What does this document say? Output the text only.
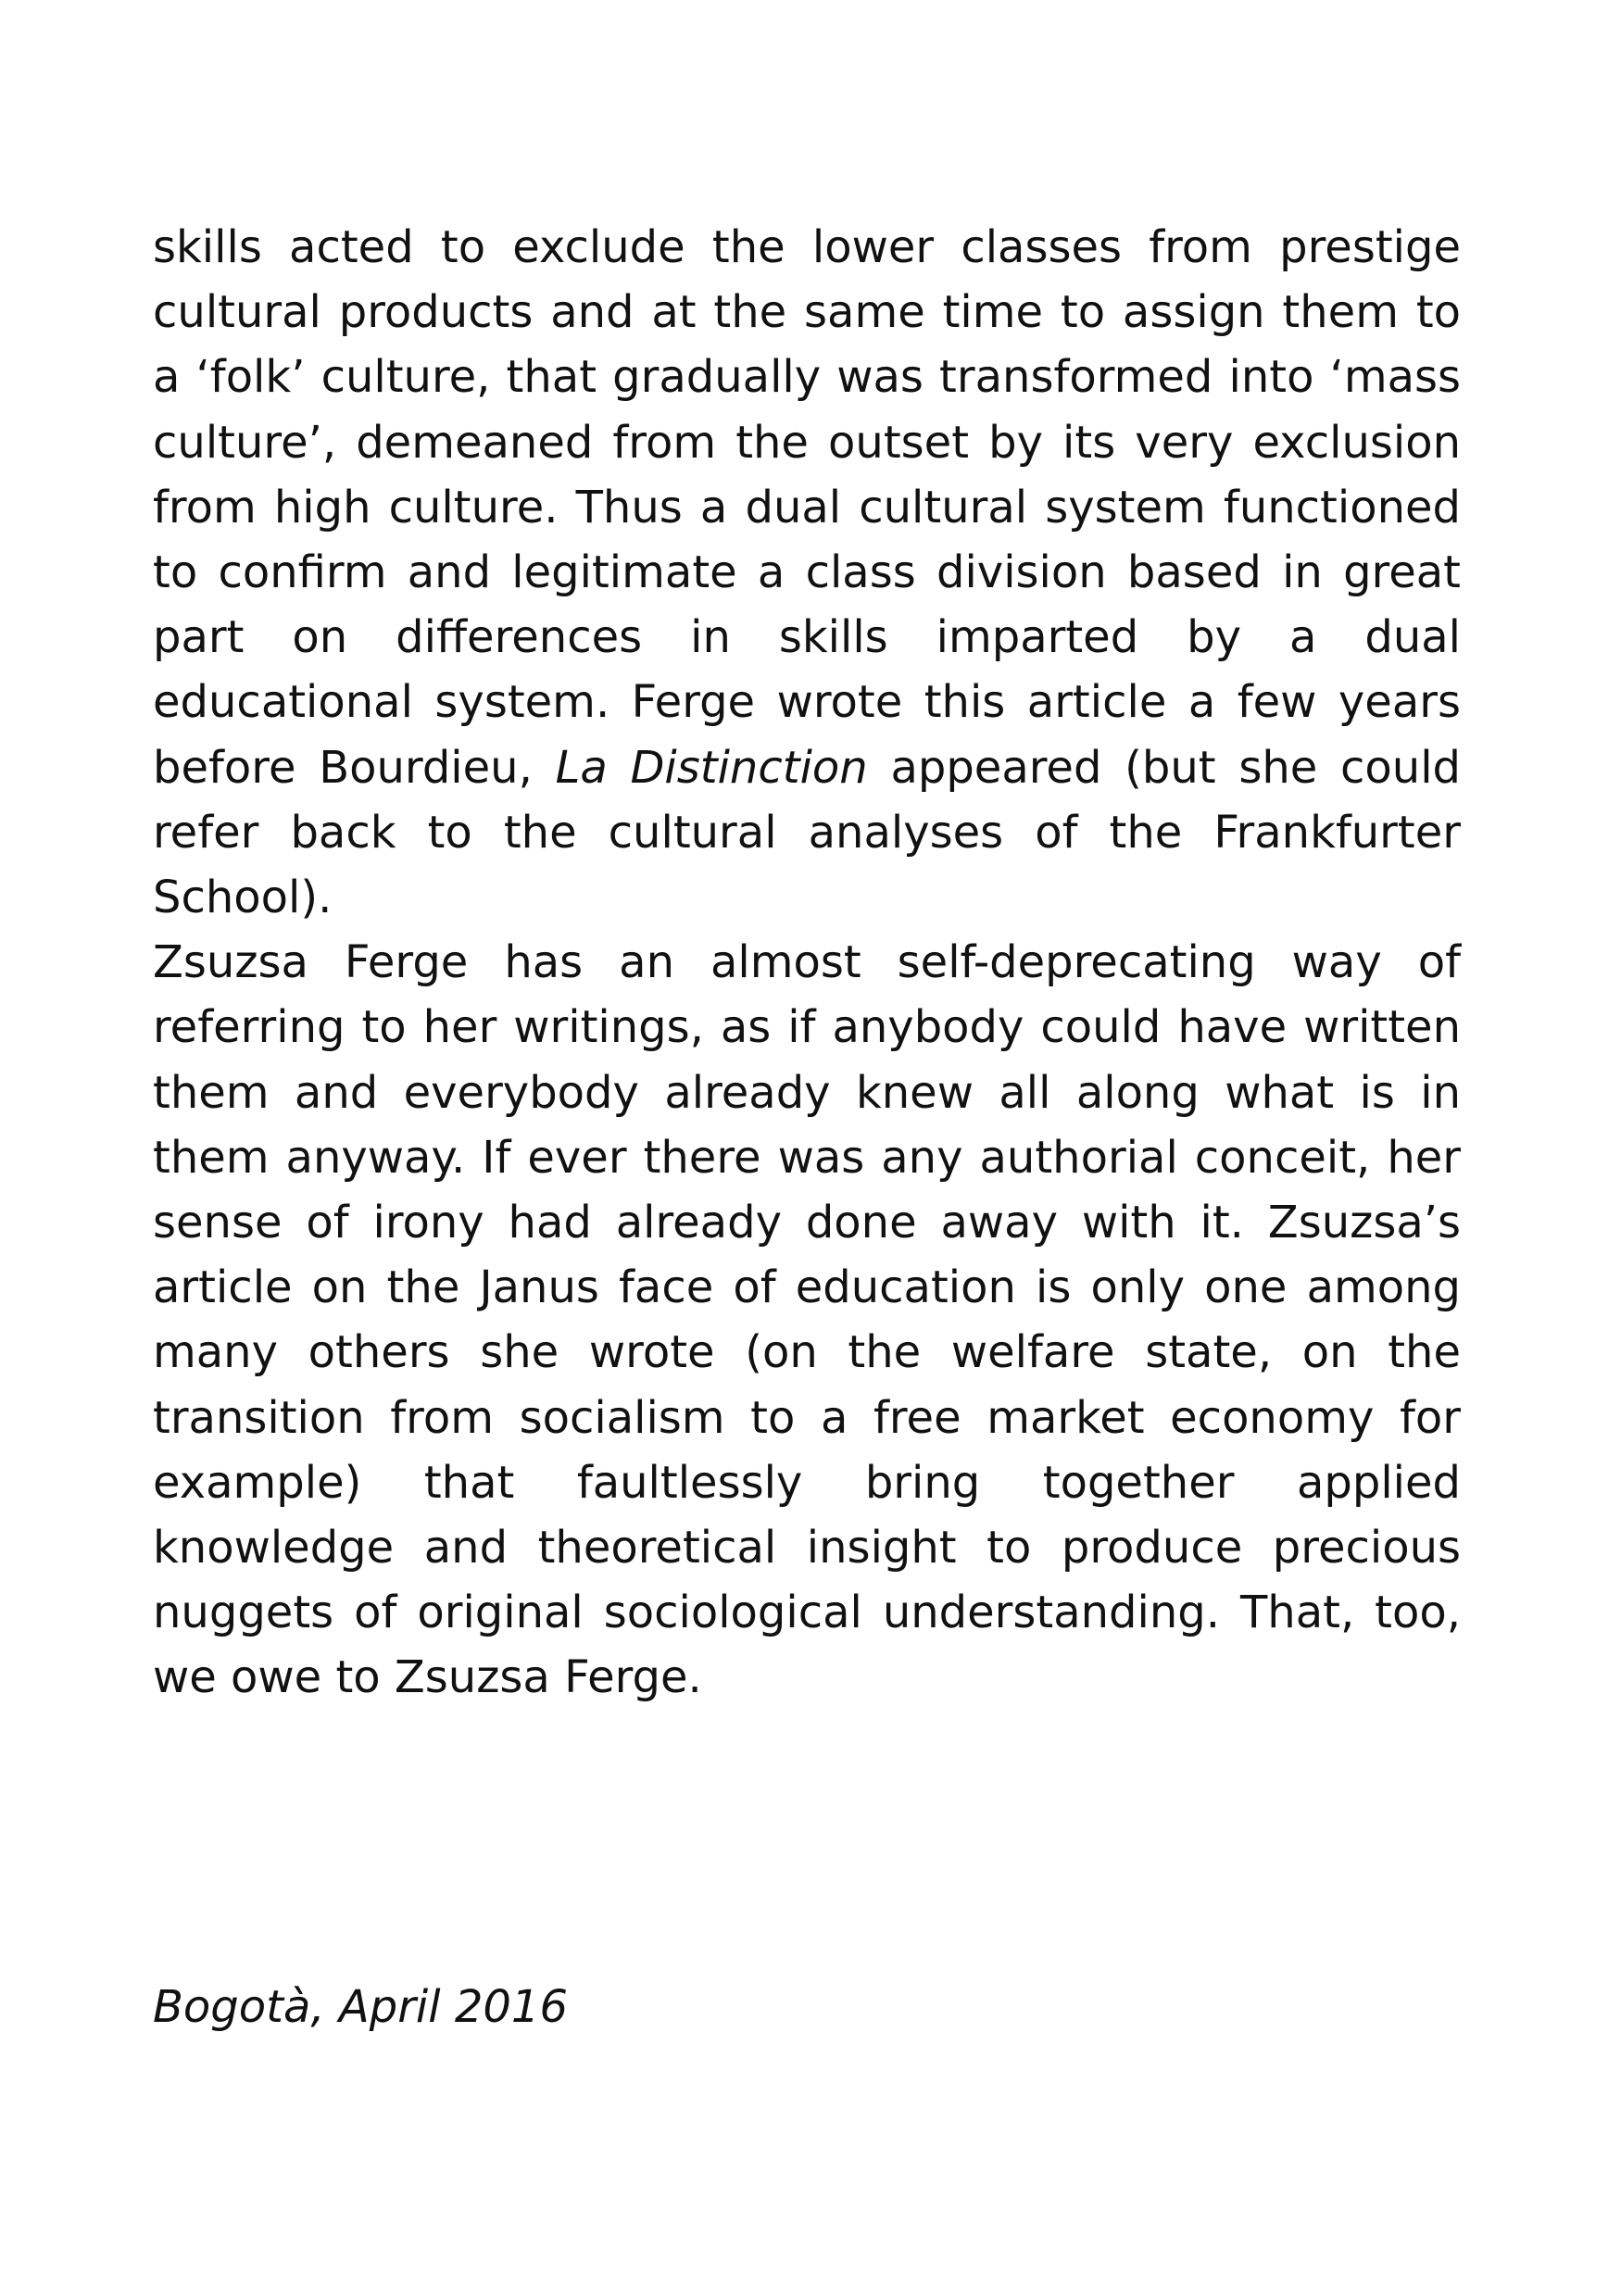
skills acted to exclude the lower classes from prestige cultural products and at the same time to assign them to a ‘folk’ culture, that gradually was transformed into ‘mass culture’, demeaned from the outset by its very exclusion from high culture. Thus a dual cultural system functioned to confirm and legitimate a class division based in great part on differences in skills imparted by a dual educational system. Ferge wrote this article a few years before Bourdieu, La Distinction appeared (but she could refer back to the cultural analyses of the Frankfurter School).

Zsuzsa Ferge has an almost self-deprecating way of referring to her writings, as if anybody could have written them and everybody already knew all along what is in them anyway. If ever there was any authorial conceit, her sense of irony had already done away with it. Zsuzsa’s article on the Janus face of education is only one among many others she wrote (on the welfare state, on the transition from socialism to a free market economy for example) that faultlessly bring together applied knowledge and theoretical insight to produce precious nuggets of original sociological understanding. That, too, we owe to Zsuzsa Ferge.

Bogotà, April 2016
